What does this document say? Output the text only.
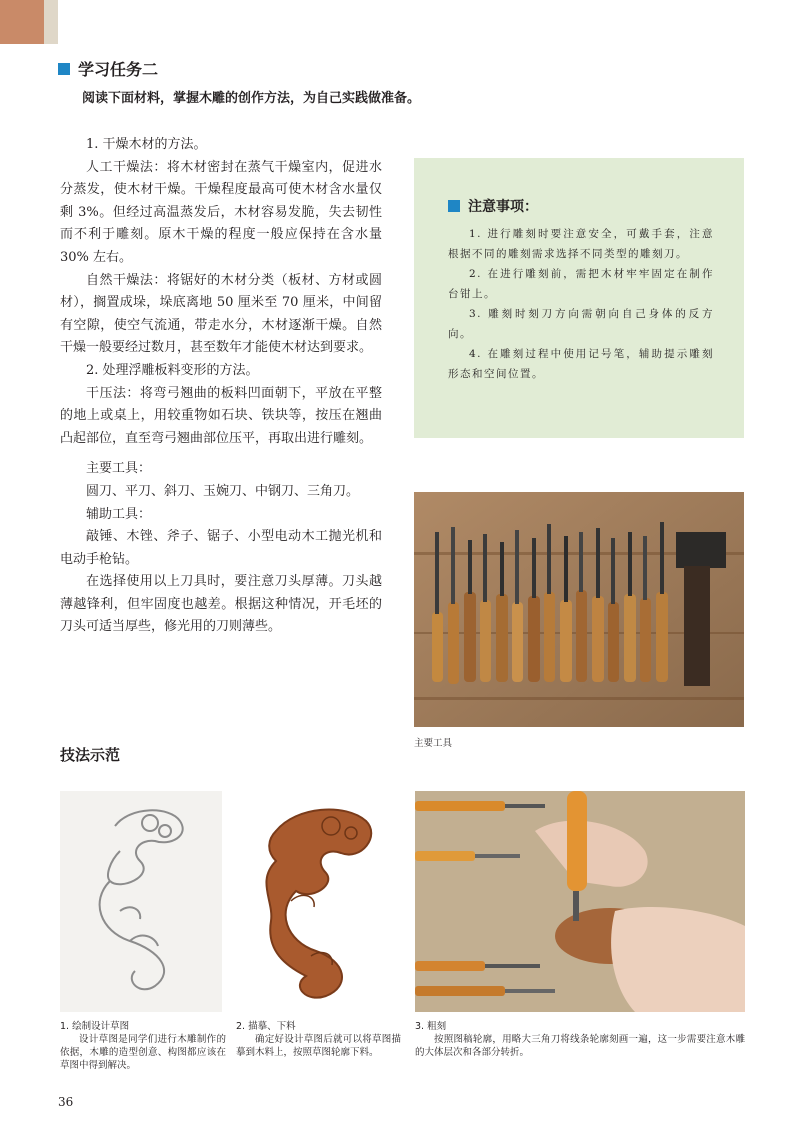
学习任务二
阅读下面材料，掌握木雕的创作方法，为自己实践做准备。

1. 干燥木材的方法。

人工干燥法：将木材密封在蒸气干燥室内，促进水分蒸发，使木材干燥。干燥程度最高可使木材含水量仅剩 3%。但经过高温蒸发后，木材容易发脆，失去韧性而不利于雕刻。原木干燥的程度一般应保持在含水量 30% 左右。

自然干燥法：将锯好的木材分类（板材、方材或圆材），搁置成垛，垛底离地 50 厘米至 70 厘米，中间留有空隙，使空气流通，带走水分，木材逐渐干燥。自然干燥一般要经过数月，甚至数年才能使木材达到要求。

2. 处理浮雕板料变形的方法。

干压法：将弯弓翘曲的板料凹面朝下，平放在平整的地上或桌上，用较重物如石块、铁块等，按压在翘曲凸起部位，直至弯弓翘曲部位压平，再取出进行雕刻。

主要工具：

圆刀、平刀、斜刀、玉婉刀、中钢刀、三角刀。

辅助工具：

敲锤、木锉、斧子、锯子、小型电动木工抛光机和电动手枪钻。

在选择使用以上刀具时，要注意刀头厚薄。刀头越薄越锋利，但牢固度也越差。根据这种情况，开毛坯的刀头可适当厚些，修光用的刀则薄些。

注意事项：

1. 进行雕刻时要注意安全，可戴手套，注意根据不同的雕刻需求选择不同类型的雕刻刀。

2. 在进行雕刻前，需把木材牢牢固定在制作台钳上。

3. 雕刻时刻刀方向需朝向自己身体的反方向。

4. 在雕刻过程中使用记号笔，辅助提示雕刻形态和空间位置。

主要工具
技法示范

1. 绘制设计草图

设计草图是同学们进行木雕制作的依据，木雕的造型创意、构图都应该在草图中得到解决。

2. 描摹、下料

确定好设计草图后就可以将草图描摹到木料上，按照草图轮廓下料。

3. 粗刻

按照图稿轮廓，用略大三角刀将线条轮廓刻画一遍，这一步需要注意木雕的大体层次和各部分转折。

36
